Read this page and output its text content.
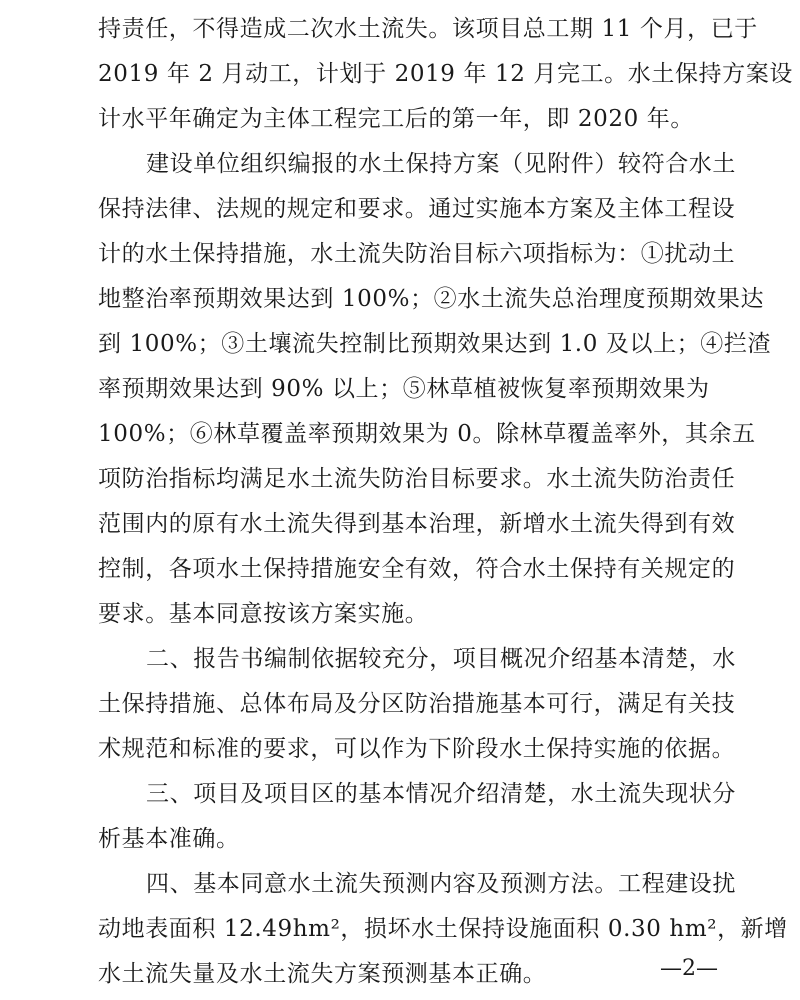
持责任，不得造成二次水土流失。该项目总工期 11 个月，已于
2019 年 2 月动工，计划于 2019 年 12 月完工。水土保持方案设
计水平年确定为主体工程完工后的第一年，即 2020 年。
建设单位组织编报的水土保持方案（见附件）较符合水土
保持法律、法规的规定和要求。通过实施本方案及主体工程设
计的水土保持措施，水土流失防治目标六项指标为：①扰动土
地整治率预期效果达到 100%；②水土流失总治理度预期效果达
到 100%；③土壤流失控制比预期效果达到 1.0 及以上；④拦渣
率预期效果达到 90% 以上；⑤林草植被恢复率预期效果为
100%；⑥林草覆盖率预期效果为 0。除林草覆盖率外，其余五
项防治指标均满足水土流失防治目标要求。水土流失防治责任
范围内的原有水土流失得到基本治理，新增水土流失得到有效
控制，各项水土保持措施安全有效，符合水土保持有关规定的
要求。基本同意按该方案实施。
二、报告书编制依据较充分，项目概况介绍基本清楚，水
土保持措施、总体布局及分区防治措施基本可行，满足有关技
术规范和标准的要求，可以作为下阶段水土保持实施的依据。
三、项目及项目区的基本情况介绍清楚，水土流失现状分
析基本准确。
四、基本同意水土流失预测内容及预测方法。工程建设扰
动地表面积 12.49hm²，损坏水土保持设施面积 0.30 hm²，新增
水土流失量及水土流失方案预测基本正确。	—2—
